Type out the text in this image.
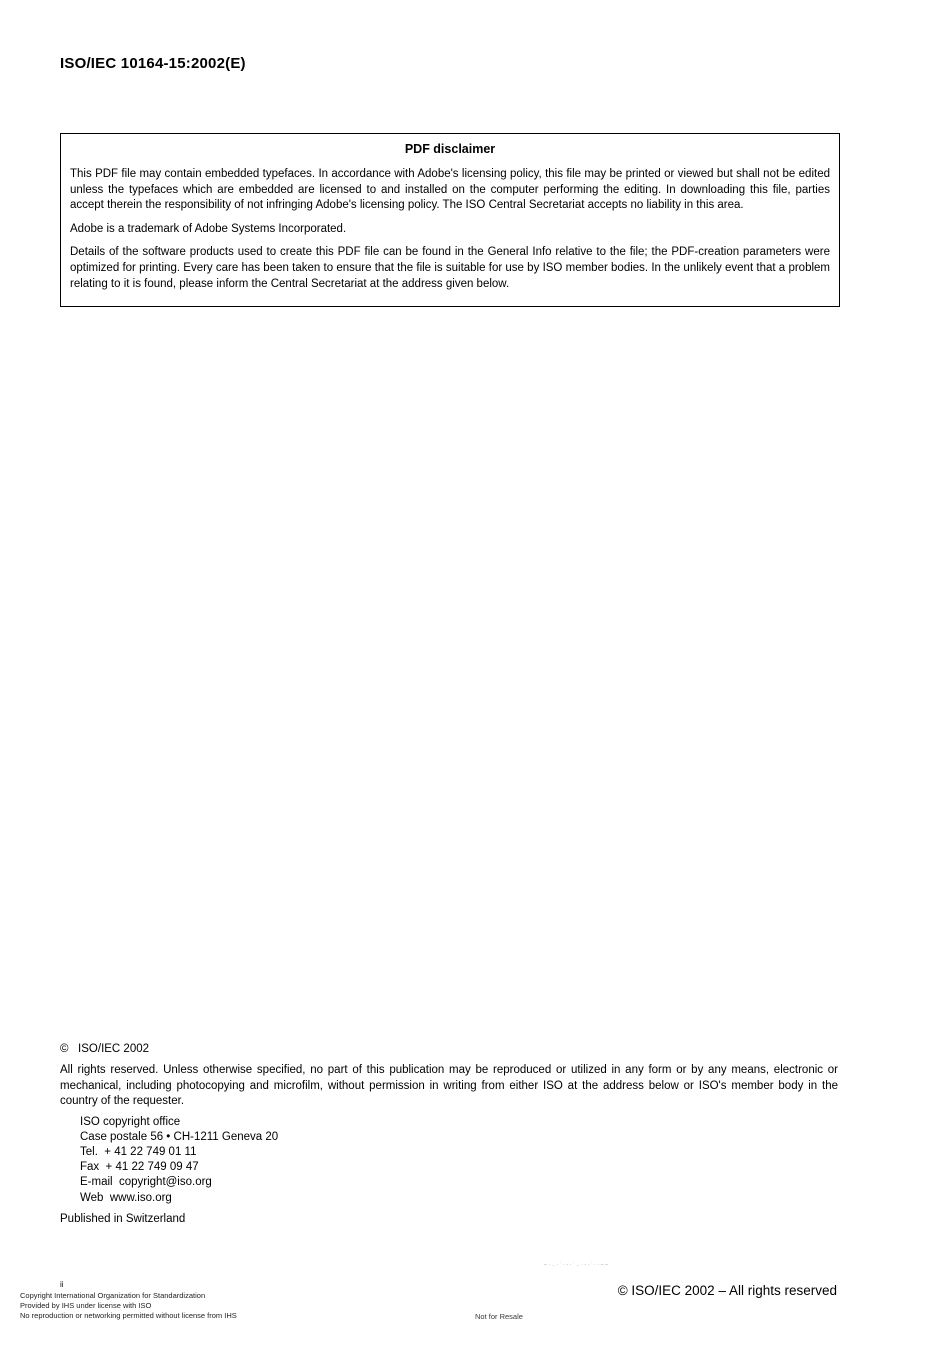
ISO/IEC 10164-15:2002(E)
PDF disclaimer

This PDF file may contain embedded typefaces. In accordance with Adobe's licensing policy, this file may be printed or viewed but shall not be edited unless the typefaces which are embedded are licensed to and installed on the computer performing the editing. In downloading this file, parties accept therein the responsibility of not infringing Adobe's licensing policy. The ISO Central Secretariat accepts no liability in this area.

Adobe is a trademark of Adobe Systems Incorporated.

Details of the software products used to create this PDF file can be found in the General Info relative to the file; the PDF-creation parameters were optimized for printing. Every care has been taken to ensure that the file is suitable for use by ISO member bodies. In the unlikely event that a problem relating to it is found, please inform the Central Secretariat at the address given below.

©   ISO/IEC 2002

All rights reserved. Unless otherwise specified, no part of this publication may be reproduced or utilized in any form or by any means, electronic or mechanical, including photocopying and microfilm, without permission in writing from either ISO at the address below or ISO's member body in the country of the requester.

ISO copyright office
Case postale 56 • CH-1211 Geneva 20
Tel.  + 41 22 749 01 11
Fax  + 41 22 749 09 47
E-mail  copyright@iso.org
Web  www.iso.org
Published in Switzerland
–·‥·˙·‐·˙‥·‐·˙··––
© ISO/IEC 2002 – All rights reserved
ii
Copyright International Organization for Standardization
Provided by IHS under license with ISO
No reproduction or networking permitted without license from IHS	Not for Resale
